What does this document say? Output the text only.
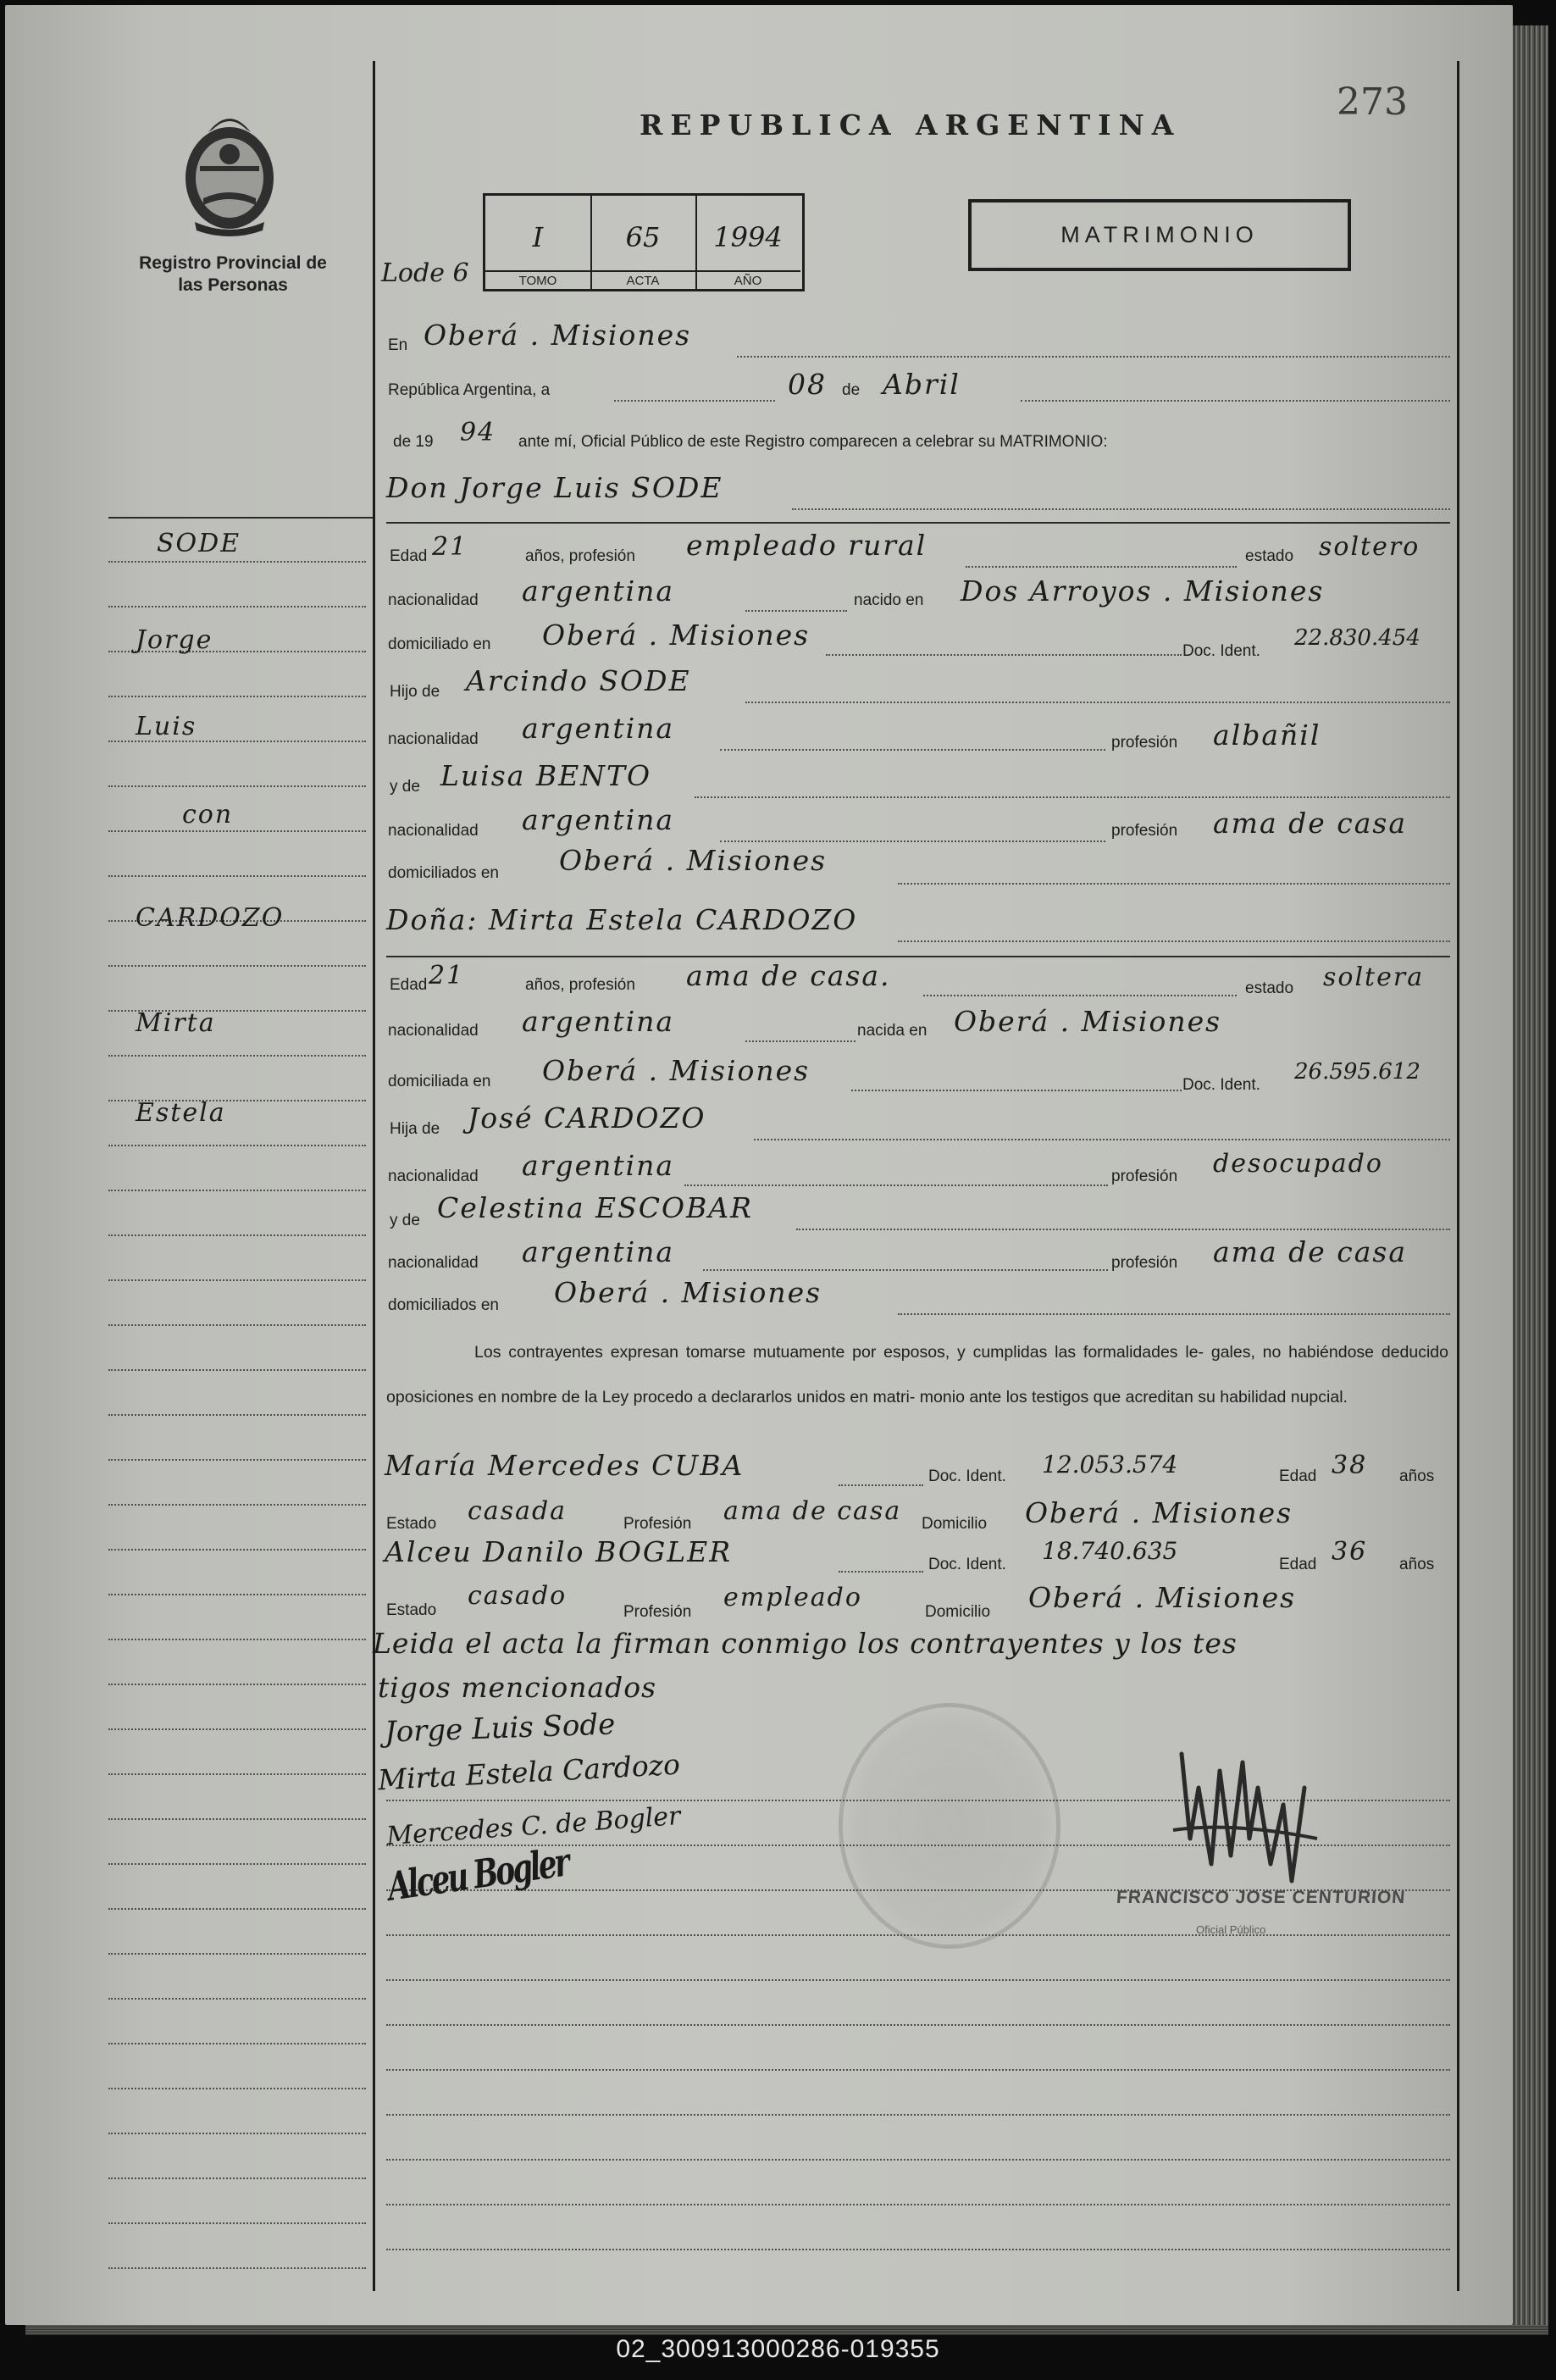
Registro Provincial de las Personas
REPUBLICA ARGENTINA
273
Lode 6
I
TOMO
65
ACTA
1994
AÑO
MATRIMONIO
En Oberá . Misiones
República Argentina, a	08 de Abril
de 19 94 ante mí, Oficial Público de este Registro comparecen a celebrar su MATRIMONIO:
Don Jorge Luis SODE
Edad 21	años, profesión empleado rural	estado soltero
nacionalidad argentina	nacido en Dos Arroyos . Misiones
domiciliado en Oberá . Misiones	Doc. Ident.
22.830.454
Hijo de Arcindo SODE
nacionalidad argentina	profesión albañil
y de Luisa BENTO
nacionalidad argentina	profesión ama de casa
domiciliados en Oberá . Misiones
Doña: Mirta Estela CARDOZO
Edad 21	años, profesión ama de casa.	estado soltera
nacionalidad argentina	nacida en Oberá . Misiones
domiciliada en Oberá . Misiones	Doc. Ident.
26.595.612
Hija de José CARDOZO
nacionalidad argentina	profesión desocupado
y de Celestina ESCOBAR
nacionalidad argentina	profesión ama de casa
domiciliados en Oberá . Misiones
SODE
Jorge
Luis
con
CARDOZO
Mirta
Estela
Los contrayentes expresan tomarse mutuamente por esposos, y cumplidas las formalidades le- gales, no habiéndose deducido oposiciones en nombre de la Ley procedo a declararlos unidos en matri- monio ante los testigos que acreditan su habilidad nupcial.
María Mercedes CUBA	Doc. Ident. 12.053.574	Edad 38 años
Estado casada	Profesión ama de casa Domicilio Oberá . Misiones
Alceu Danilo BOGLER	Doc. Ident. 18.740.635	Edad 36 años
Estado casado
Profesión empleado	Domicilio Oberá . Misiones
Leida el acta la firman conmigo los contrayentes y los tes
tigos mencionados
Jorge Luis Sode
Mirta Estela Cardozo
Mercedes C. de Bogler
Alceu Bogler	FRANCISCO JOSE CENTURION
Oficial Público
02_300913000286-019355
